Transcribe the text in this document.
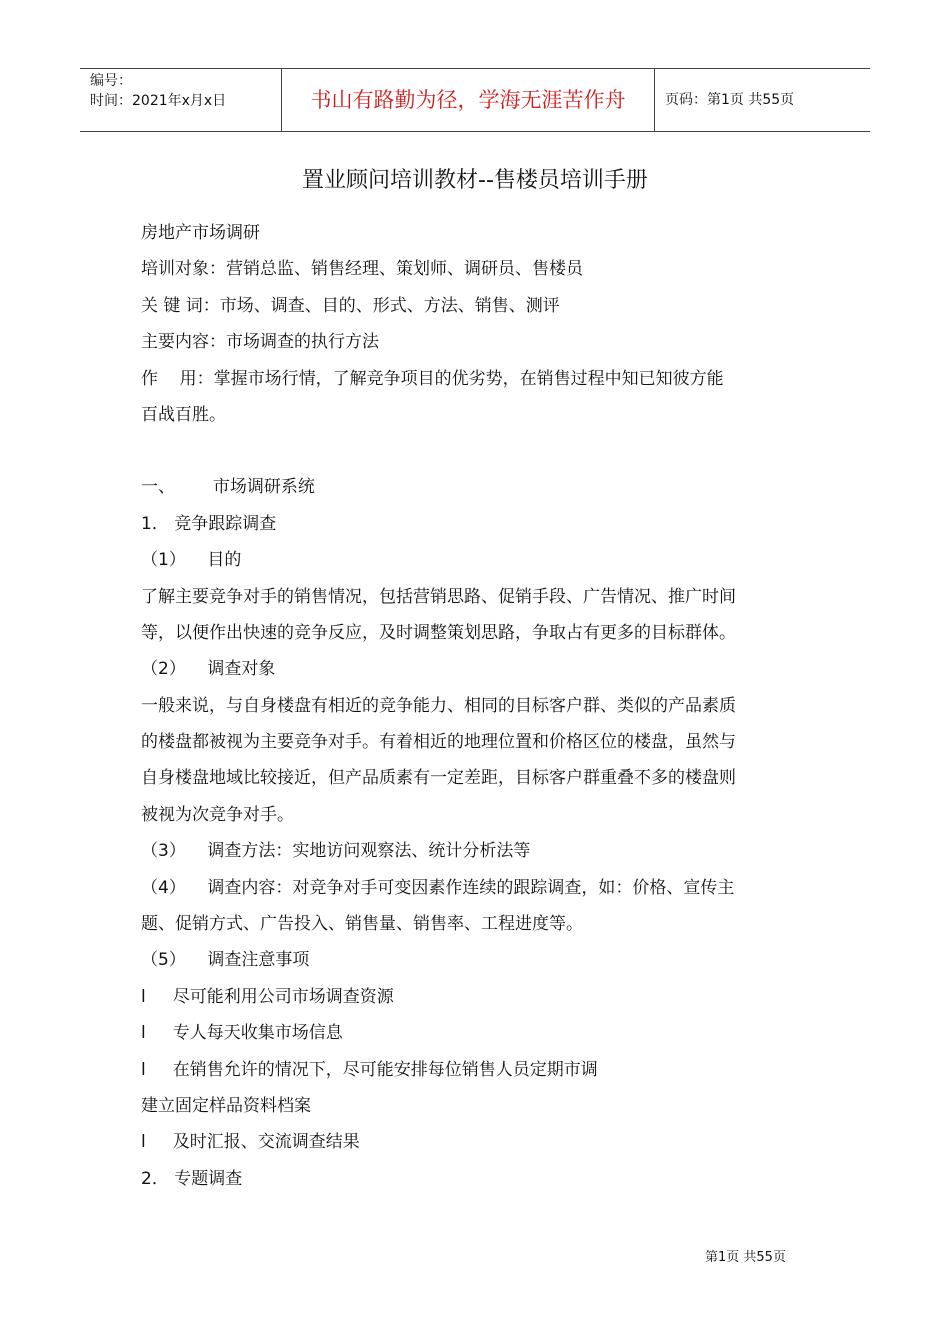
编号：
时间：2021年x月x日	书山有路勤为径，学海无涯苦作舟	页码：第1页 共55页
置业顾问培训教材--售楼员培训手册
房地产市场调研
培训对象：营销总监、销售经理、策划师、调研员、售楼员
关 键 词：市场、调查、目的、形式、方法、销售、测评
主要内容：市场调查的执行方法
作    用：掌握市场行情，了解竞争项目的优劣势，在销售过程中知已知彼方能
百战百胜。
一、       市场调研系统
1． 竞争跟踪调查
（1）    目的
了解主要竞争对手的销售情况，包括营销思路、促销手段、广告情况、推广时间
等，以便作出快速的竞争反应，及时调整策划思路，争取占有更多的目标群体。
（2）    调查对象
一般来说，与自身楼盘有相近的竞争能力、相同的目标客户群、类似的产品素质
的楼盘都被视为主要竞争对手。有着相近的地理位置和价格区位的楼盘，虽然与
自身楼盘地域比较接近，但产品质素有一定差距，目标客户群重叠不多的楼盘则
被视为次竞争对手。
（3）    调查方法：实地访问观察法、统计分析法等
（4）    调查内容：对竞争对手可变因素作连续的跟踪调查，如：价格、宣传主
题、促销方式、广告投入、销售量、销售率、工程进度等。
（5）    调查注意事项
l     尽可能利用公司市场调查资源
l     专人每天收集市场信息
l     在销售允许的情况下，尽可能安排每位销售人员定期市调
建立固定样品资料档案
l     及时汇报、交流调查结果
2． 专题调查
第1页 共55页
